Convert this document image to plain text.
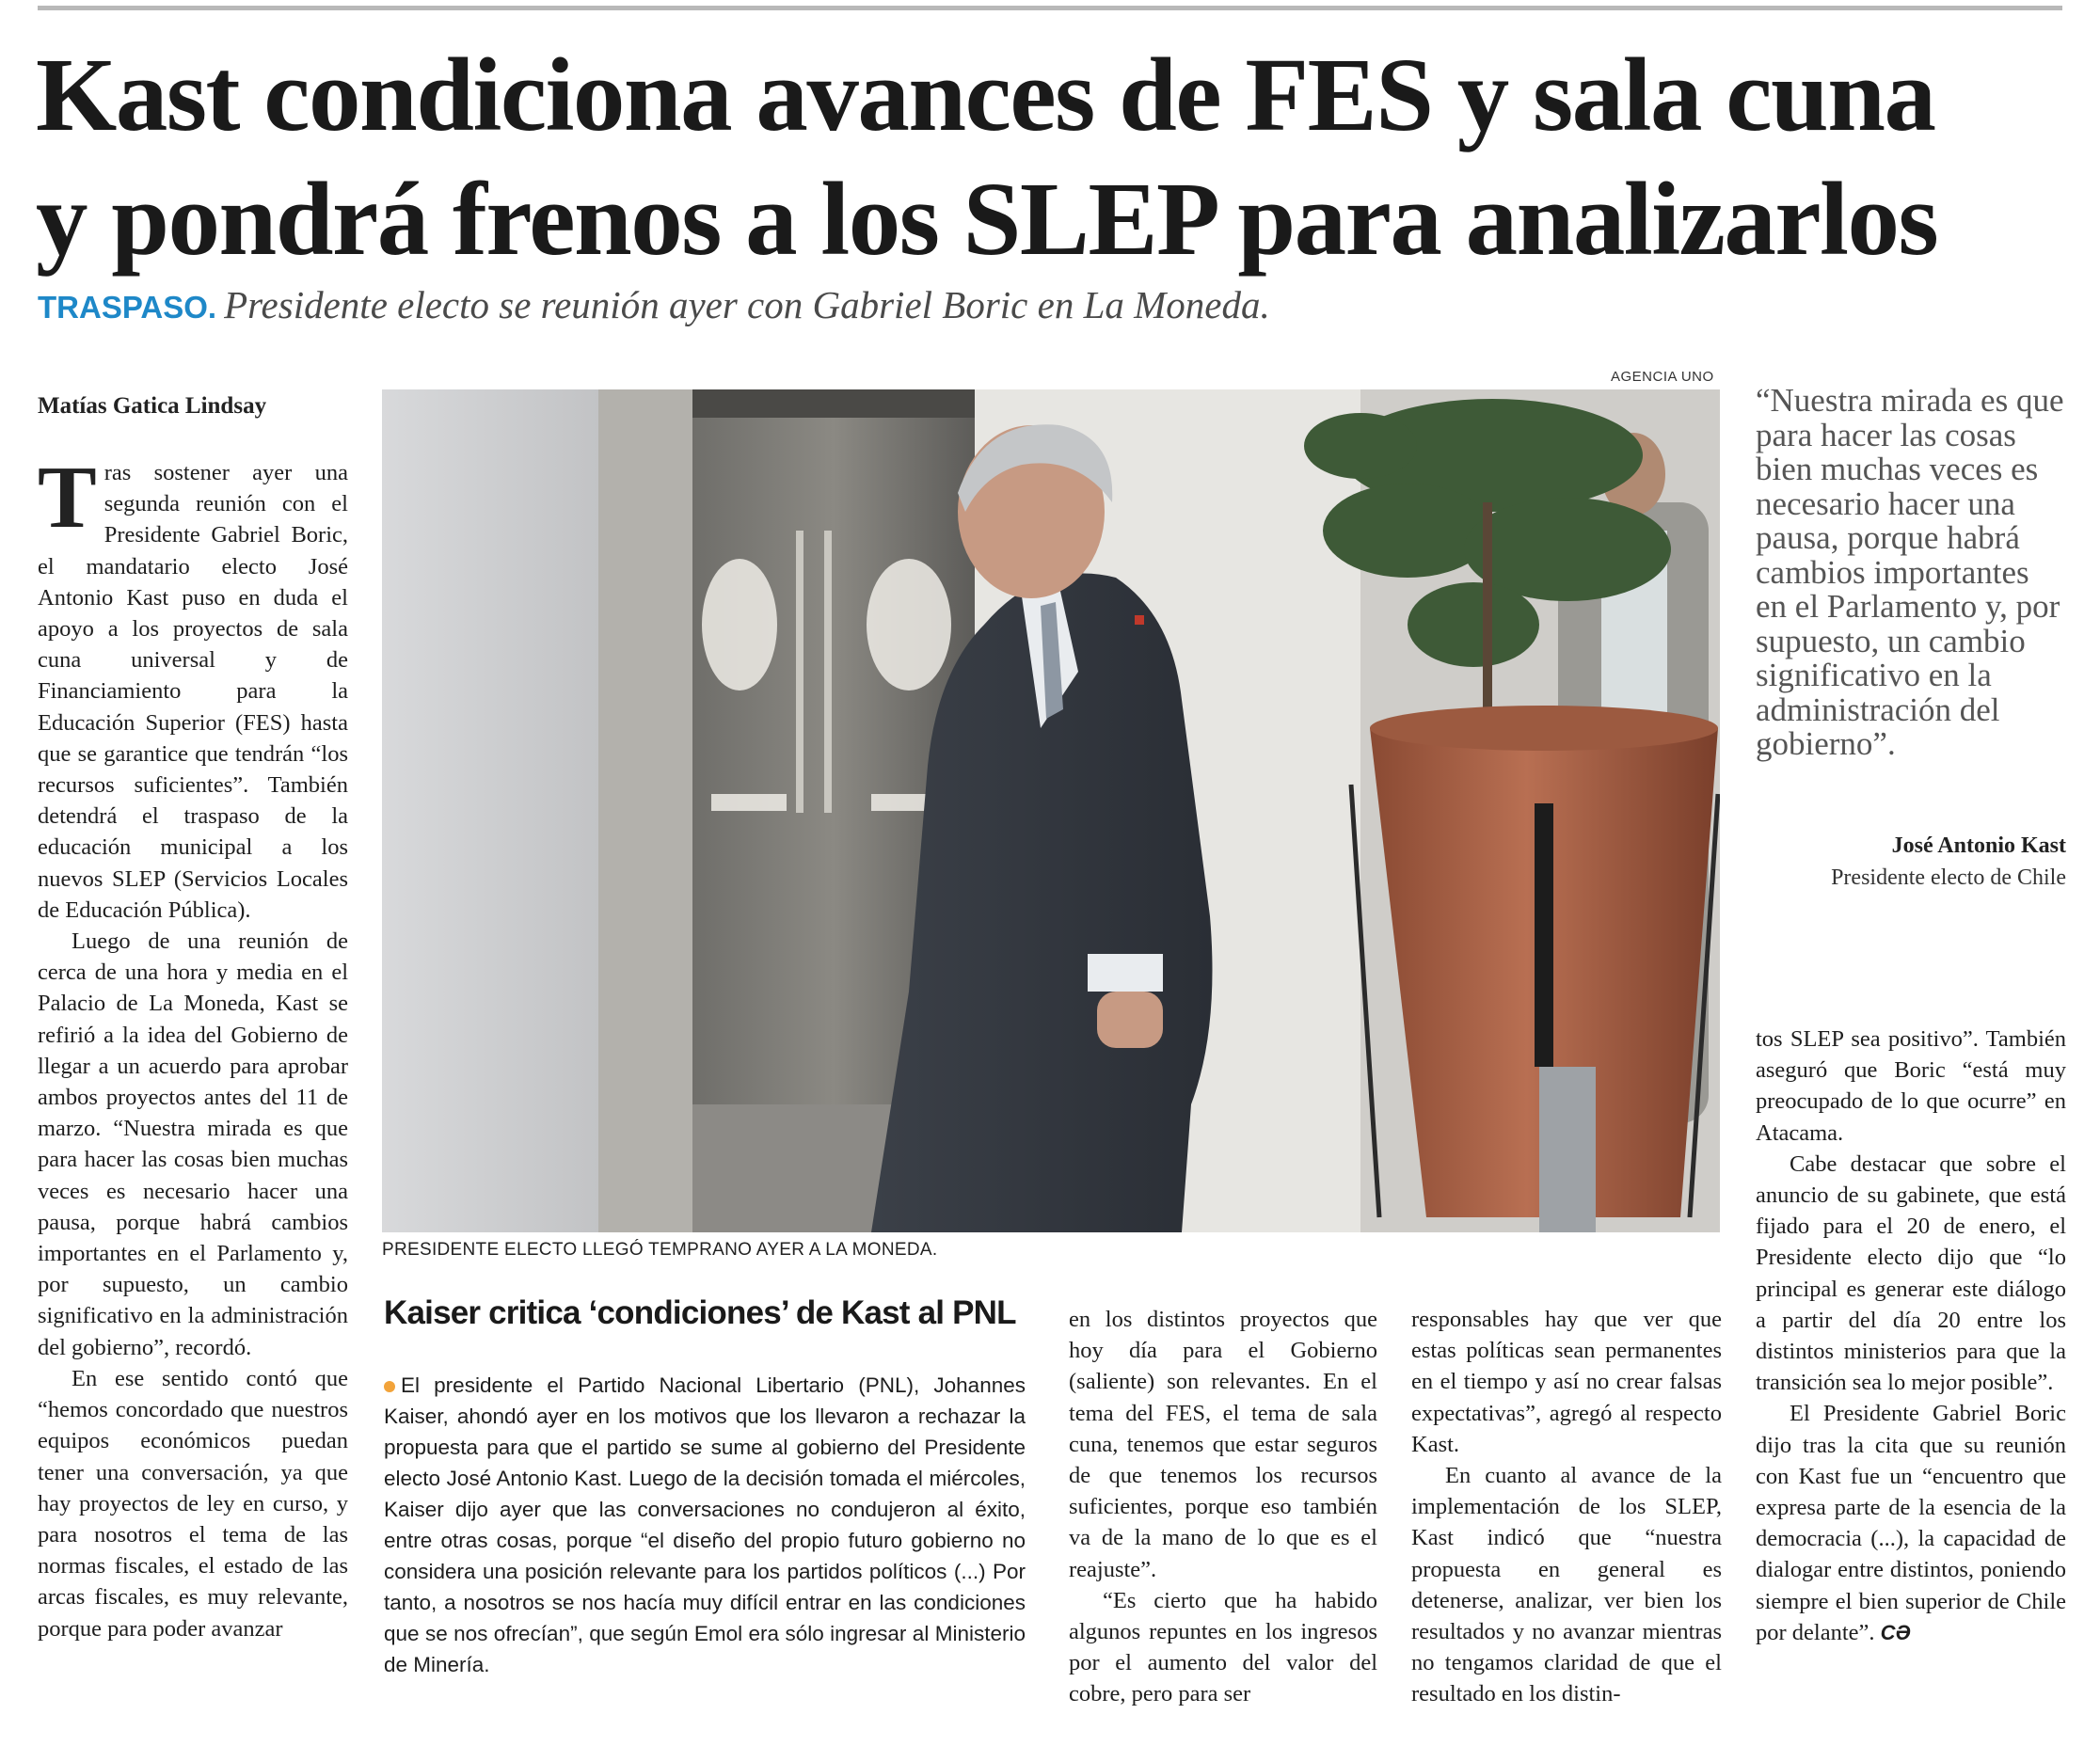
Kast condiciona avances de FES y sala cuna
y pondrá frenos a los SLEP para analizarlos

TRASPASO. Presidente electo se reunión ayer con Gabriel Boric en La Moneda.

Matías Gatica Lindsay

Tras sostener ayer una segunda reunión con el Presidente Gabriel Boric, el mandatario electo José Antonio Kast puso en duda el apoyo a los proyectos de sala cuna universal y de Financiamiento para la Educación Superior (FES) hasta que se garantice que tendrán “los recursos suficientes”. También detendrá el traspaso de la educación municipal a los nuevos SLEP (Servicios Locales de Educación Pública).

Luego de una reunión de cerca de una hora y media en el Palacio de La Moneda, Kast se refirió a la idea del Gobierno de llegar a un acuerdo para aprobar ambos proyectos antes del 11 de marzo. “Nuestra mirada es que para hacer las cosas bien muchas veces es necesario hacer una pausa, porque habrá cambios importantes en el Parlamento y, por supuesto, un cambio significativo en la administración del gobierno”, recordó.

En ese sentido contó que “hemos concordado que nuestros equipos económicos puedan tener una conversación, ya que hay proyectos de ley en curso, y para nosotros el tema de las normas fiscales, el estado de las arcas fiscales, es muy relevante, porque para poder avanzar

AGENCIA UNO
PRESIDENTE ELECTO LLEGÓ TEMPRANO AYER A LA MONEDA.
“Nuestra mirada es que para hacer las cosas bien muchas veces es necesario hacer una pausa, porque habrá cambios importantes en el Parlamento y, por supuesto, un cambio significativo en la administración del gobierno”.
José Antonio Kast
Presidente electo de Chile
Kaiser critica ‘condiciones’ de Kast al PNL

El presidente el Partido Nacional Libertario (PNL), Johannes Kaiser, ahondó ayer en los motivos que los llevaron a rechazar la propuesta para que el partido se sume al gobierno del Presidente electo José Antonio Kast. Luego de la decisión tomada el miércoles, Kaiser dijo ayer que las conversaciones no condujeron al éxito, entre otras cosas, porque “el diseño del propio futuro gobierno no considera una posición relevante para los partidos políticos (...) Por tanto, a nosotros se nos hacía muy difícil entrar en las condiciones que se nos ofrecían”, que según Emol era sólo ingresar al Ministerio de Minería.

en los distintos proyectos que hoy día para el Gobierno (saliente) son relevantes. En el tema del FES, el tema de sala cuna, tenemos que estar seguros de que tenemos los recursos suficientes, porque eso también va de la mano de lo que es el reajuste”.

“Es cierto que ha habido algunos repuntes en los ingresos por el aumento del valor del cobre, pero para ser

responsables hay que ver que estas políticas sean permanentes en el tiempo y así no crear falsas expectativas”, agregó al respecto Kast.

En cuanto al avance de la implementación de los SLEP, Kast indicó que “nuestra propuesta en general es detenerse, analizar, ver bien los resultados y no avanzar mientras no tengamos claridad de que el resultado en los distin-

tos SLEP sea positivo”. También aseguró que Boric “está muy preocupado de lo que ocurre” en Atacama.

Cabe destacar que sobre el anuncio de su gabinete, que está fijado para el 20 de enero, el Presidente electo dijo que “lo principal es generar este diálogo a partir del día 20 entre los distintos ministerios para que la transición sea lo mejor posible”.

El Presidente Gabriel Boric dijo tras la cita que su reunión con Kast fue un “encuentro que expresa parte de la esencia de la democracia (...), la capacidad de dialogar entre distintos, poniendo siempre el bien superior de Chile por delante”. CƏ
